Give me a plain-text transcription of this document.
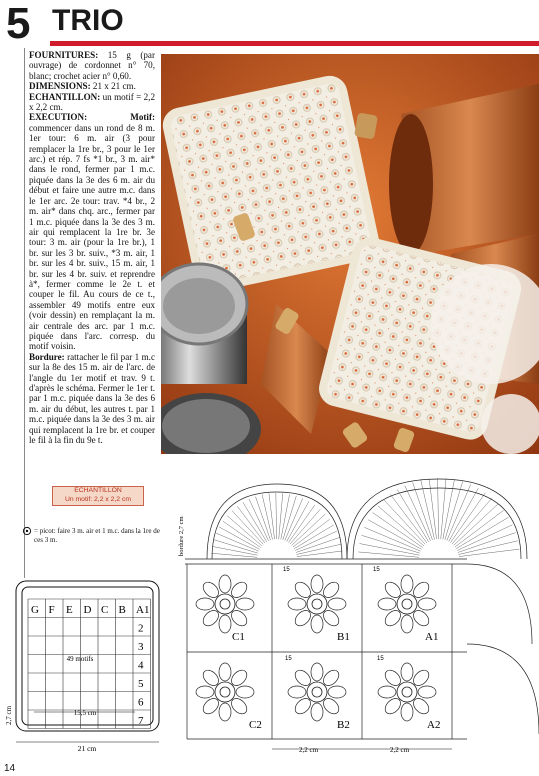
5 TRIO

FOURNITURES: 15 g (par ouvrage) de cordonnet n° 70, blanc; crochet acier n° 0,60.

DIMENSIONS: 21 x 21 cm.

ECHANTILLON: un motif = 2,2 x 2,2 cm.

EXECUTION: Motif: commencer dans un rond de 8 m. 1er tour: 6 m. air (3 pour remplacer la 1re br., 3 pour le 1er arc.) et rép. 7 fs *1 br., 3 m. air* dans le rond, fermer par 1 m.c. piquée dans la 3e des 6 m. air du début et faire une autre m.c. dans le 1er arc. 2e tour: trav. *4 br., 2 m. air* dans chq. arc., fermer par 1 m.c. piquée dans la 3e des 3 m. air qui remplacent la 1re br. 3e tour: 3 m. air (pour la 1re br.), 1 br. sur les 3 br. suiv., *3 m. air, 1 br. sur les 4 br. suiv., 15 m. air, 1 br. sur les 4 br. suiv. et reprendre à*, fermer comme le 2e t. et couper le fil. Au cours de ce t., assembler 49 motifs entre eux (voir dessin) en remplaçant la m. air centrale des arc. par 1 m.c. piquée dans l'arc. corresp. du motif voisin.

Bordure: rattacher le fil par 1 m.c sur la 8e des 15 m. air de l'arc. de l'angle du 1er motif et trav. 9 t. d'après le schéma. Fermer le 1er t. par 1 m.c. piquée dans la 3e des 6 m. air du début, les autres t. par 1 m.c. piquée dans la 3e des 3 m. air qui remplacent la 1re br. et couper le fil à la fin du 9e t.

ECHANTILLON
Un motif: 2,2 x 2,2 cm
= picot: faire 3 m. air et 1 m.c. dans la 1re de ces 3 m.
G F E D C B A1
2
3
4
5
6
7
49 motifs
15,5 cm
21 cm
2,7 cm
C1	B1	A1
C2	B2	A2
15	15
15	15
bordure 2,7 cm
2,2 cm	2,2 cm
14
